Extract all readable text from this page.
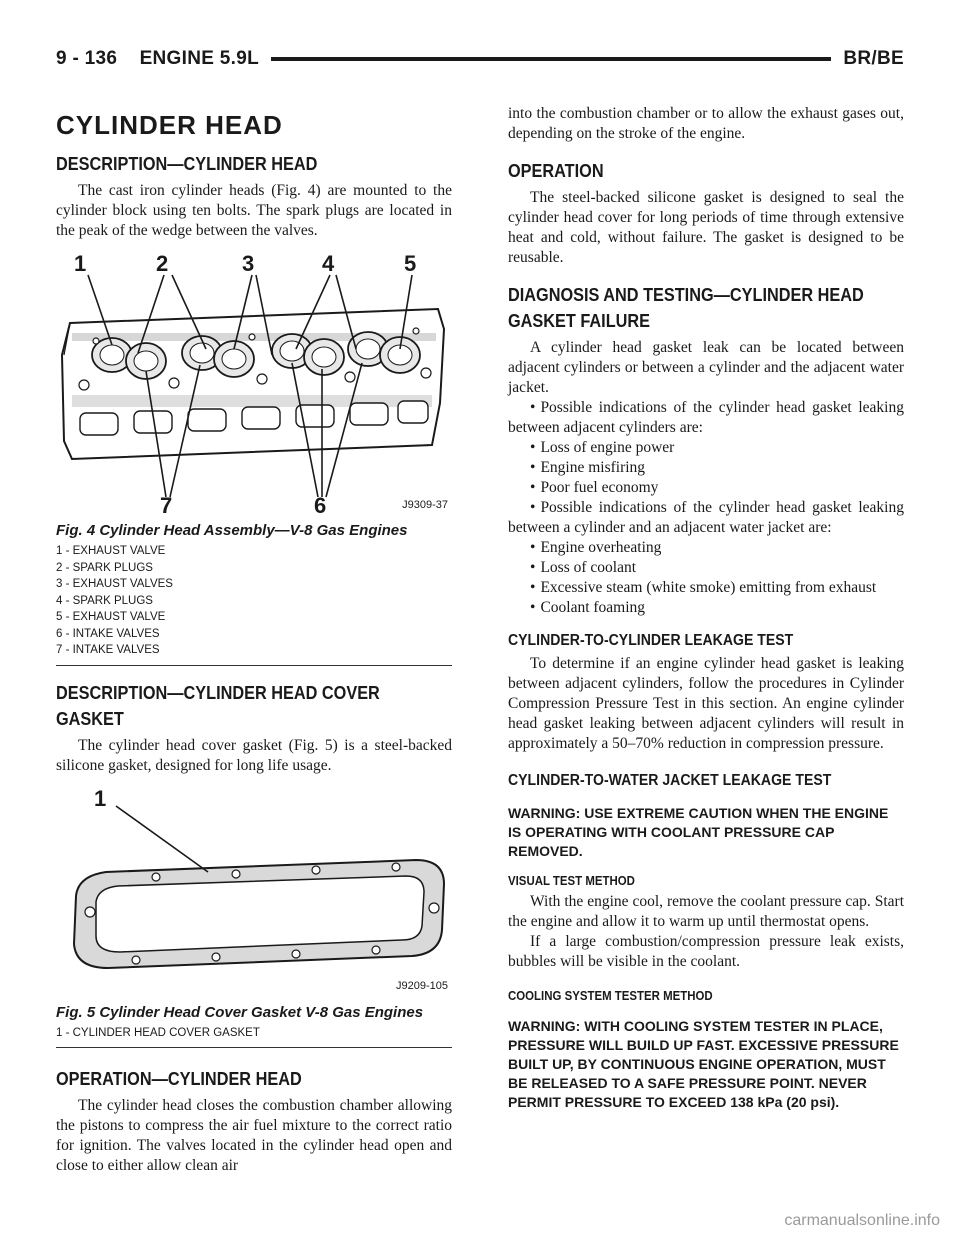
9 - 136    ENGINE 5.9L	BR/BE
CYLINDER HEAD
DESCRIPTION—CYLINDER HEAD

The cast iron cylinder heads (Fig. 4) are mounted to the cylinder block using ten bolts. The spark plugs are located in the peak of the wedge between the valves.

1	2	3	4	5
6
7	J9309-37
Fig. 4 Cylinder Head Assembly—V-8 Gas Engines
1 - EXHAUST VALVE
2 - SPARK PLUGS
3 - EXHAUST VALVES
4 - SPARK PLUGS
5 - EXHAUST VALVE
6 - INTAKE VALVES
7 - INTAKE VALVES
DESCRIPTION—CYLINDER HEAD COVER GASKET

The cylinder head cover gasket (Fig. 5) is a steel-backed silicone gasket, designed for long life usage.

1
J9209-105
Fig. 5 Cylinder Head Cover Gasket V-8 Gas Engines
1 - CYLINDER HEAD COVER GASKET
OPERATION—CYLINDER HEAD

The cylinder head closes the combustion chamber allowing the pistons to compress the air fuel mixture to the correct ratio for ignition. The valves located in the cylinder head open and close to either allow clean air

into the combustion chamber or to allow the exhaust gases out, depending on the stroke of the engine.

OPERATION

The steel-backed silicone gasket is designed to seal the cylinder head cover for long periods of time through extensive heat and cold, without failure. The gasket is designed to be reusable.

DIAGNOSIS AND TESTING—CYLINDER HEAD GASKET FAILURE

A cylinder head gasket leak can be located between adjacent cylinders or between a cylinder and the adjacent water jacket.

• Possible indications of the cylinder head gasket leaking between adjacent cylinders are:
• Loss of engine power
• Engine misfiring
• Poor fuel economy
• Possible indications of the cylinder head gasket leaking between a cylinder and an adjacent water jacket are:
• Engine overheating
• Loss of coolant
• Excessive steam (white smoke) emitting from exhaust
• Coolant foaming
CYLINDER-TO-CYLINDER LEAKAGE TEST

To determine if an engine cylinder head gasket is leaking between adjacent cylinders, follow the procedures in Cylinder Compression Pressure Test in this section. An engine cylinder head gasket leaking between adjacent cylinders will result in approximately a 50–70% reduction in compression pressure.

CYLINDER-TO-WATER JACKET LEAKAGE TEST
WARNING: USE EXTREME CAUTION WHEN THE ENGINE IS OPERATING WITH COOLANT PRESSURE CAP REMOVED.
VISUAL TEST METHOD

With the engine cool, remove the coolant pressure cap. Start the engine and allow it to warm up until thermostat opens.

If a large combustion/compression pressure leak exists, bubbles will be visible in the coolant.

COOLING SYSTEM TESTER METHOD
WARNING: WITH COOLING SYSTEM TESTER IN PLACE, PRESSURE WILL BUILD UP FAST. EXCESSIVE PRESSURE BUILT UP, BY CONTINUOUS ENGINE OPERATION, MUST BE RELEASED TO A SAFE PRESSURE POINT. NEVER PERMIT PRESSURE TO EXCEED 138 kPa (20 psi).
carmanualsonline.info
